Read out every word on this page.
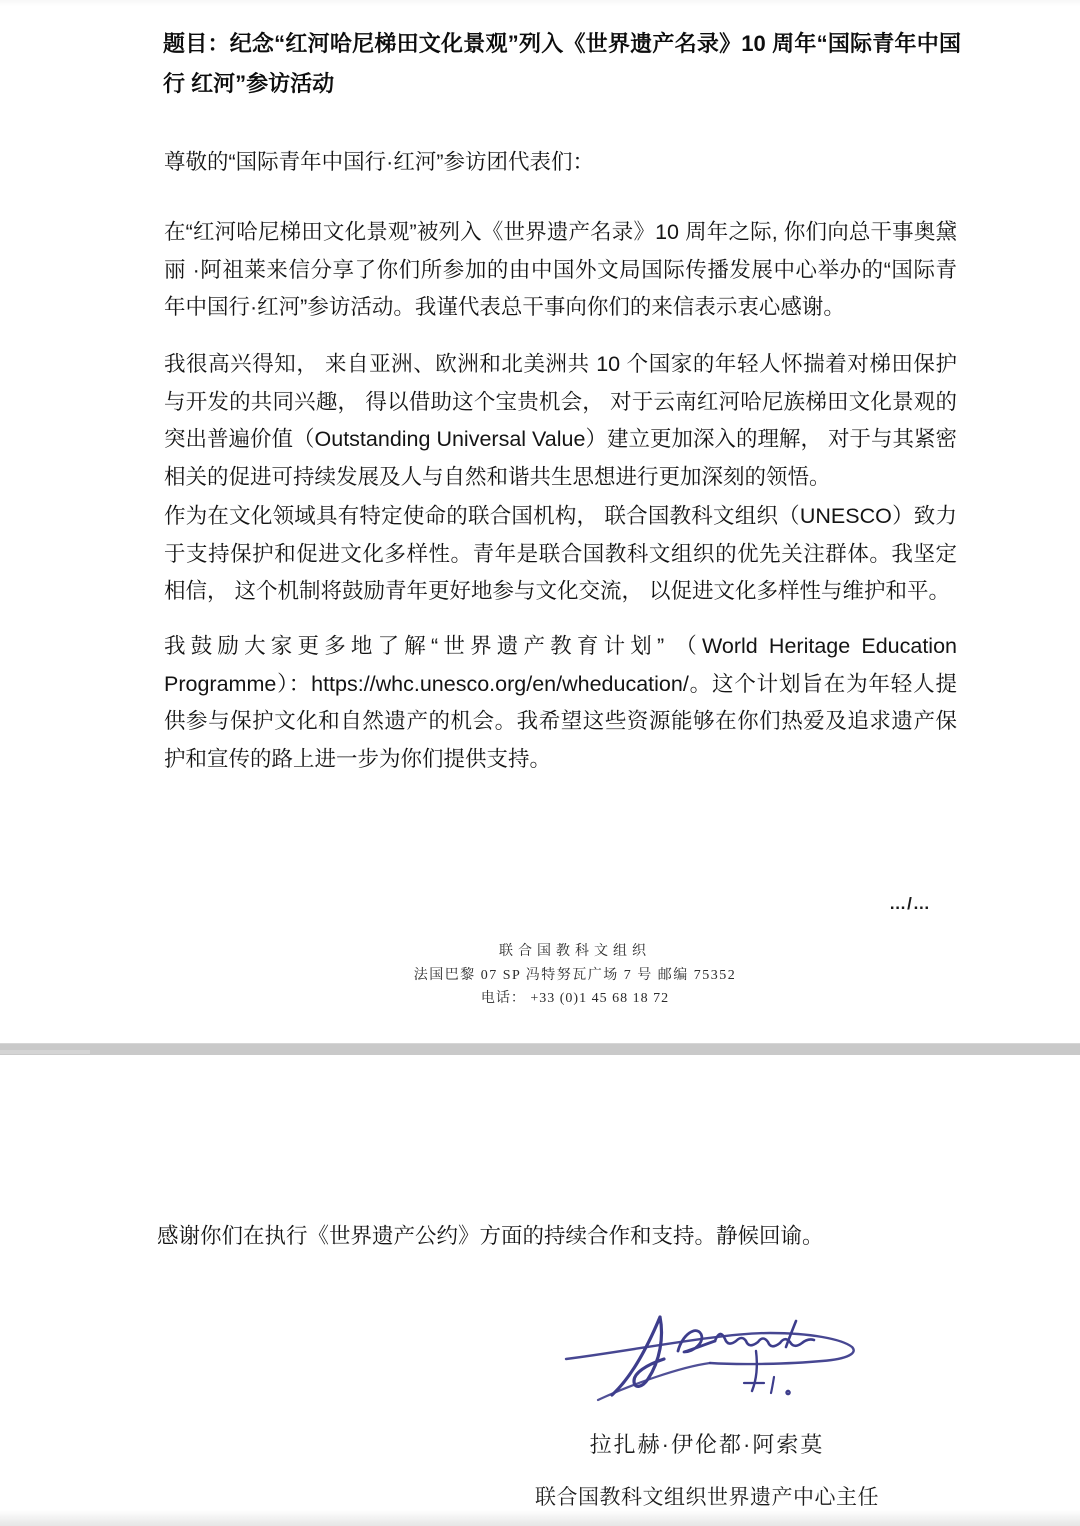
题目：纪念“红河哈尼梯田文化景观”列入《世界遗产名录》10 周年“国际青年中国行 红河”参访活动
尊敬的“国际青年中国行·红河”参访团代表们：
在“红河哈尼梯田文化景观”被列入《世界遗产名录》10 周年之际, 你们向总干事奥黛丽 ·阿祖莱来信分享了你们所参加的由中国外文局国际传播发展中心举办的“国际青年中国行·红河”参访活动。我谨代表总干事向你们的来信表示衷心感谢。
我很高兴得知， 来自亚洲、欧洲和北美洲共 10 个国家的年轻人怀揣着对梯田保护与开发的共同兴趣， 得以借助这个宝贵机会， 对于云南红河哈尼族梯田文化景观的突出普遍价值（Outstanding Universal Value）建立更加深入的理解， 对于与其紧密相关的促进可持续发展及人与自然和谐共生思想进行更加深刻的领悟。
作为在文化领域具有特定使命的联合国机构， 联合国教科文组织（UNESCO）致力于支持保护和促进文化多样性。青年是联合国教科文组织的优先关注群体。我坚定相信， 这个机制将鼓励青年更好地参与文化交流， 以促进文化多样性与维护和平。
我鼓励大家更多地了解“世界遗产教育计划” （World Heritage Education Programme）：https://whc.unesco.org/en/wheducation/。这个计划旨在为年轻人提供参与保护文化和自然遗产的机会。我希望这些资源能够在你们热爱及追求遗产保护和宣传的路上进一步为你们提供支持。
…/…
联合国教科文组织
法国巴黎 07 SP 冯特努瓦广场 7 号 邮编 75352
电话： +33 (0)1 45 68 18 72
感谢你们在执行《世界遗产公约》方面的持续合作和支持。静候回谕。
拉扎赫·伊伦都·阿索莫
联合国教科文组织世界遗产中心主任
